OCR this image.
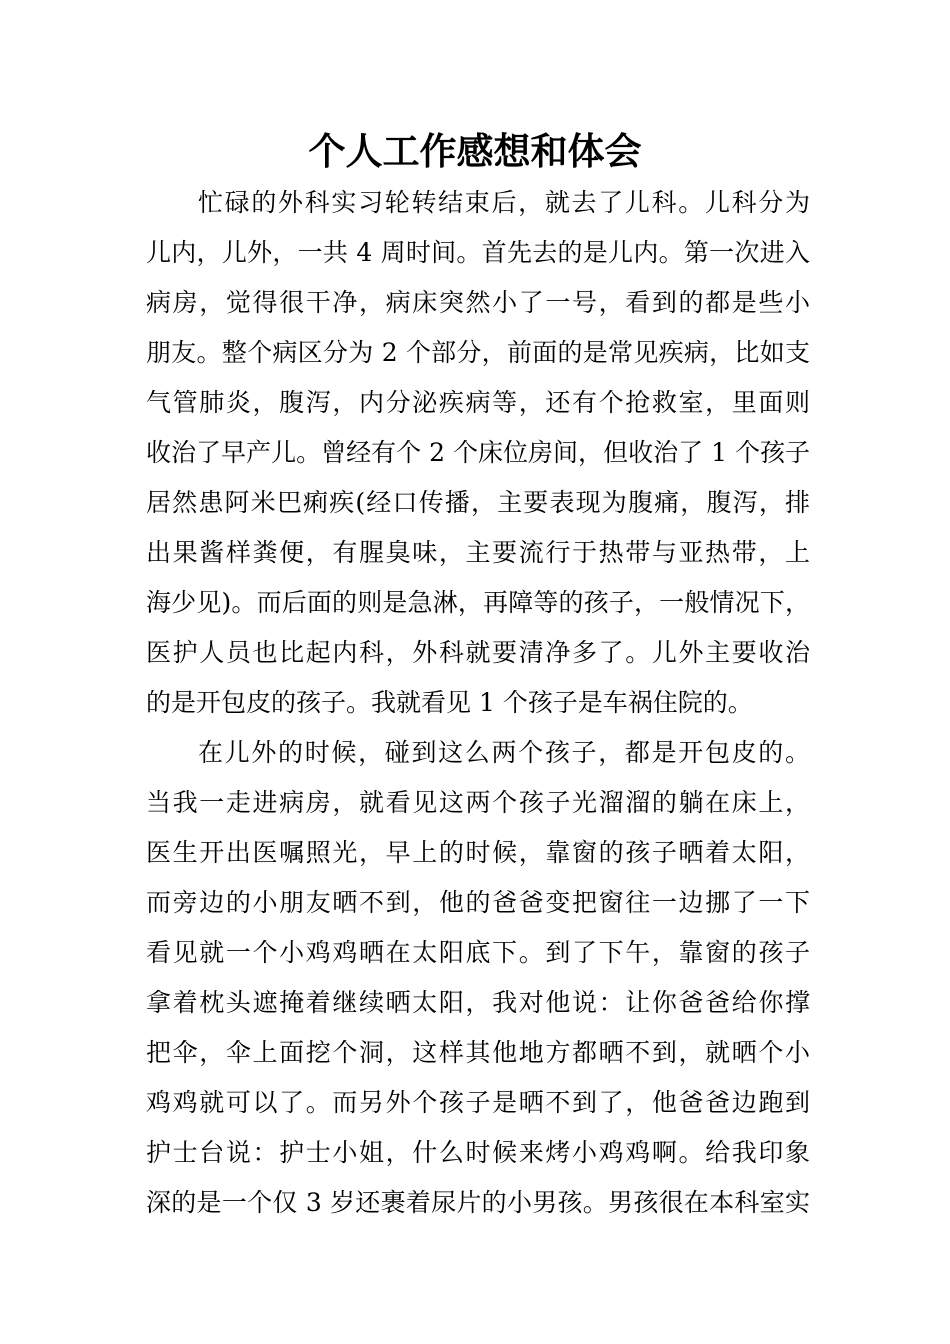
个人工作感想和体会
忙碌的外科实习轮转结束后，就去了儿科。儿科分为
儿内，儿外，一共 4 周时间。首先去的是儿内。第一次进入
病房，觉得很干净，病床突然小了一号，看到的都是些小
朋友。整个病区分为 2 个部分，前面的是常见疾病，比如支
气管肺炎，腹泻，内分泌疾病等，还有个抢救室，里面则
收治了早产儿。曾经有个 2 个床位房间，但收治了 1 个孩子
居然患阿米巴痢疾(经口传播，主要表现为腹痛，腹泻，排
出果酱样粪便，有腥臭味，主要流行于热带与亚热带，上
海少见)。而后面的则是急淋，再障等的孩子，一般情况下，
医护人员也比起内科，外科就要清净多了。儿外主要收治
的是开包皮的孩子。我就看见 1 个孩子是车祸住院的。
在儿外的时候，碰到这么两个孩子，都是开包皮的。
当我一走进病房，就看见这两个孩子光溜溜的躺在床上，
医生开出医嘱照光，早上的时候，靠窗的孩子晒着太阳，
而旁边的小朋友晒不到，他的爸爸变把窗往一边挪了一下
看见就一个小鸡鸡晒在太阳底下。到了下午，靠窗的孩子
拿着枕头遮掩着继续晒太阳，我对他说：让你爸爸给你撑
把伞，伞上面挖个洞，这样其他地方都晒不到，就晒个小
鸡鸡就可以了。而另外个孩子是晒不到了，他爸爸边跑到
护士台说：护士小姐，什么时候来烤小鸡鸡啊。给我印象
深的是一个仅 3 岁还裹着尿片的小男孩。男孩很在本科室实
